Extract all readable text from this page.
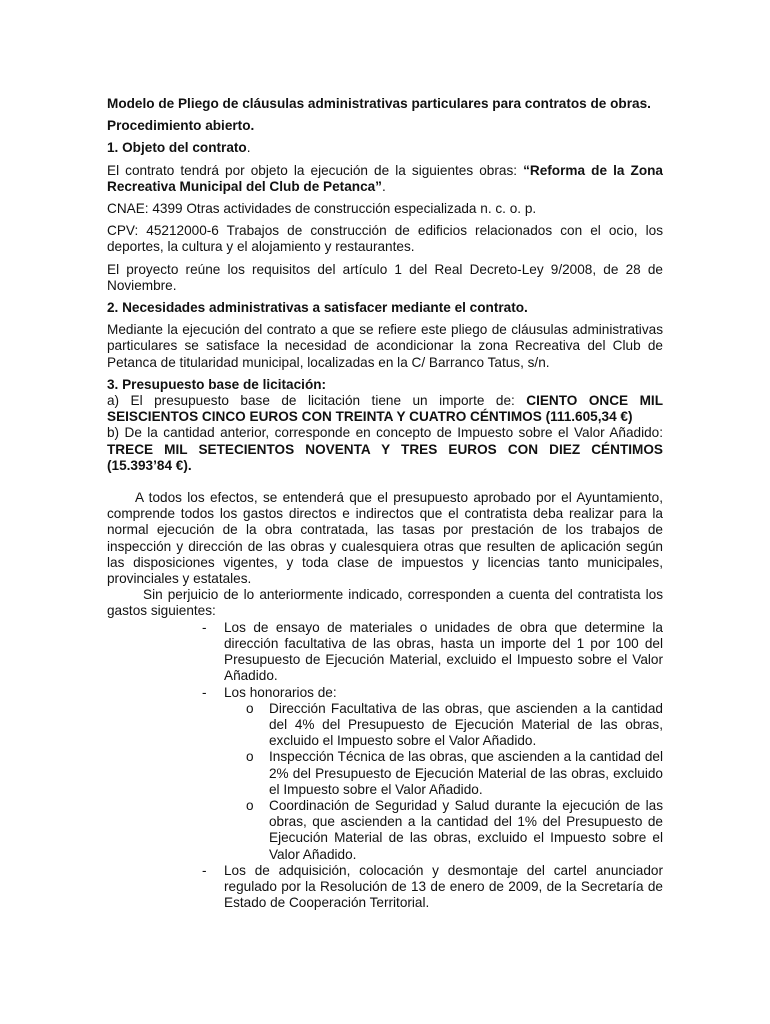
Modelo de Pliego de cláusulas administrativas particulares para contratos de obras.

Procedimiento abierto.

1. Objeto del contrato.

El contrato tendrá por objeto la ejecución de la siguientes obras: “Reforma de la Zona Recreativa Municipal del Club de Petanca”.

CNAE: 4399 Otras actividades de construcción especializada n. c. o. p.

CPV: 45212000-6 Trabajos de construcción de edificios relacionados con el ocio, los deportes, la cultura y el alojamiento y restaurantes.

El proyecto reúne los requisitos del artículo 1 del Real Decreto-Ley 9/2008, de 28 de Noviembre.

2. Necesidades administrativas a satisfacer mediante el contrato.

Mediante la ejecución del contrato a que se refiere este pliego de cláusulas administrativas particulares se satisface la necesidad de acondicionar la zona Recreativa del Club de Petanca de titularidad municipal, localizadas en la C/ Barranco Tatus, s/n.

3. Presupuesto base de licitación:

a) El presupuesto base de licitación tiene un importe de: CIENTO ONCE MIL SEISCIENTOS CINCO EUROS CON TREINTA Y CUATRO CÉNTIMOS (111.605,34 €)

b) De la cantidad anterior, corresponde en concepto de Impuesto sobre el Valor Añadido: TRECE MIL SETECIENTOS NOVENTA Y TRES EUROS CON DIEZ CÉNTIMOS (15.393’84 €).

A todos los efectos, se entenderá que el presupuesto aprobado por el Ayuntamiento, comprende todos los gastos directos e indirectos que el contratista deba realizar para la normal ejecución de la obra contratada, las tasas por prestación de los trabajos de inspección y dirección de las obras y cualesquiera otras que resulten de aplicación según las disposiciones vigentes, y toda clase de impuestos y licencias tanto municipales, provinciales y estatales.

Sin perjuicio de lo anteriormente indicado, corresponden a cuenta del contratista los gastos siguientes:

- Los de ensayo de materiales o unidades de obra que determine la dirección facultativa de las obras, hasta un importe del 1 por 100 del Presupuesto de Ejecución Material, excluido el Impuesto sobre el Valor Añadido.
- Los honorarios de:
o Dirección Facultativa de las obras, que ascienden a la cantidad del 4% del Presupuesto de Ejecución Material de las obras, excluido el Impuesto sobre el Valor Añadido.
o Inspección Técnica de las obras, que ascienden a la cantidad del 2% del Presupuesto de Ejecución Material de las obras, excluido el Impuesto sobre el Valor Añadido.
o Coordinación de Seguridad y Salud durante la ejecución de las obras, que ascienden a la cantidad del 1% del Presupuesto de Ejecución Material de las obras, excluido el Impuesto sobre el Valor Añadido.
- Los de adquisición, colocación y desmontaje del cartel anunciador regulado por la Resolución de 13 de enero de 2009, de la Secretaría de Estado de Cooperación Territorial.
